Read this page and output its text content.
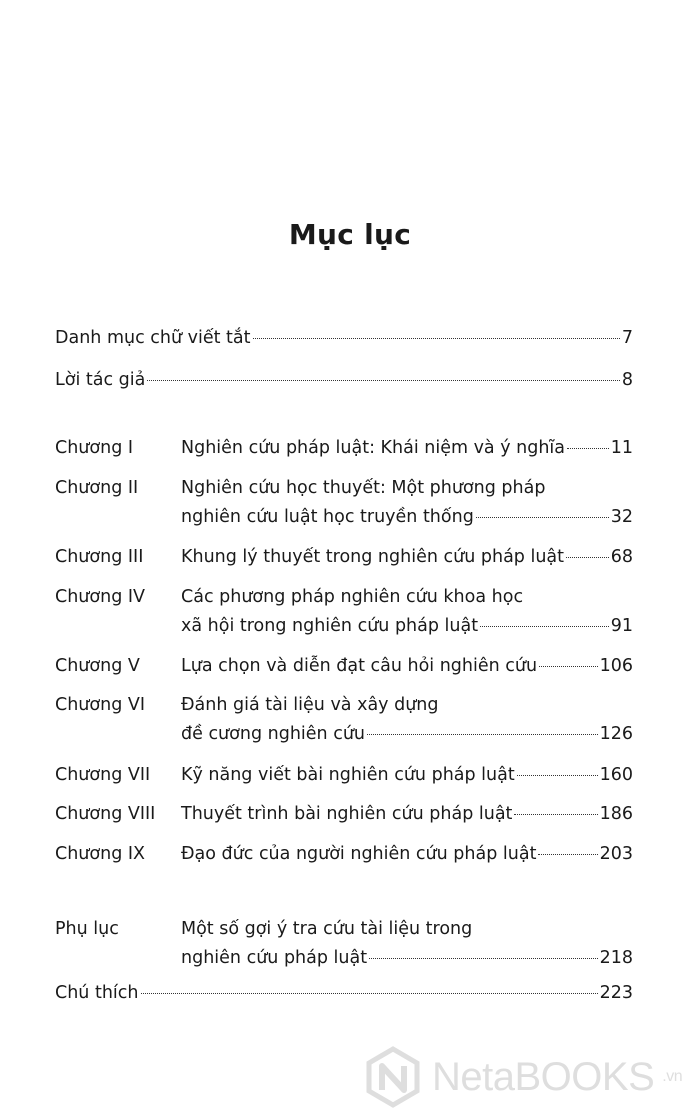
Mục lục
Danh mục chữ viết tắt	7
Lời tác giả	8
Chương I	Nghiên cứu pháp luật: Khái niệm và ý nghĩa	11
Chương II	Nghiên cứu học thuyết: Một phương pháp
nghiên cứu luật học truyền thống	32
Chương III	Khung lý thuyết trong nghiên cứu pháp luật	68
Chương IV	Các phương pháp nghiên cứu khoa học
xã hội trong nghiên cứu pháp luật	91
Chương V	Lựa chọn và diễn đạt câu hỏi nghiên cứu	106
Chương VI	Đánh giá tài liệu và xây dựng
đề cương nghiên cứu	126
Chương VII	Kỹ năng viết bài nghiên cứu pháp luật	160
Chương VIII	Thuyết trình bài nghiên cứu pháp luật	186
Chương IX	Đạo đức của người nghiên cứu pháp luật	203
Phụ lục	Một số gợi ý tra cứu tài liệu trong
nghiên cứu pháp luật	218
Chú thích	223
NetaBOOKS .vn
